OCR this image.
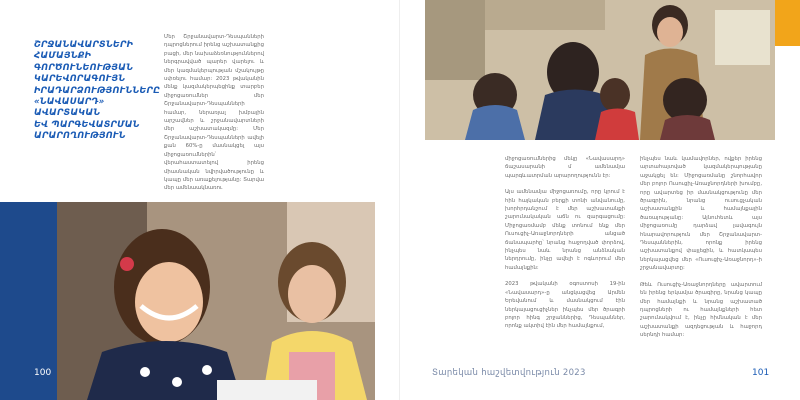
ՇՐՋԱՆԱՎԱՐՏՆԵՐԻ
ՀԱՄԱՅՆՔԻ
ԳՈՐԾՈՒՆԵՈՒԹՅԱՆ
ԿԱՐԵՎՈՐԱԳՈՒՅՆ
ԻՐԱԴԱՐՁՈՒԹՅՈՒՆՆԵՐԸ
«ՆԱՎԱՍԱՐԴ» ԱՎԱՐՏԱԿԱՆ
ԵՎ ՊԱՐԳԵՎԱՏՐՄԱՆ
ԱՐԱՐՈՂՈՒԹՅՈՒՆ

Մեր Շրջանավարտ-Դեսպանների դպրոցներում իրենց աշխատանքից բացի, մեր նախաձեռնություններով ներգրավված պարեր վարելու և մեր կազմակերպության մշակույթը սփռելու համար: 2023 թվականին մենք կազմակերպեցինք տարբեր միջոցառումներ մեր Շրջանավարտ-Դեսպանների համար, ներառյալ խմբային արշավներ և շրջանավարտների մեր աշխատակազմը: Մեր Շրջանավարտ-Դեսպանների ավելի քան 60%-ը մասնակցել այս միջոցառումներին՝ վերահաստատելով իրենց միասնական նվիրվածությունը և կապը մեր առաքելությանը: Տարվա մեր ամենաակնառու

100

միջոցառումներից մեկը «Նավասարդ» ճաշասարանի մ ամենամյա պարգևատրման արարողությունն էր:

Այս ամենամյա միջոցառումը, որը կրում է հին հայկական բերքի տոնի անվանումը, խորհրդանշում է մեր աշխատանքի շարունակական աճն ու զարգացումը: Միջոցառմամբ մենք տոնում ենք մեր Ուսուցիչ-Առաջնորդների անցած ճանապարհը՝ նրանց հաջողված փորձով, ինչպես նաև նրանց անձնական ներդրումը, ինչը ավելի է ոգևորում մեր համայնքին:

2023 թվականի օգոստոսի 19-ին «Նավասարդ»-ը անցկացվեց Արմեն Երեվանում և մասնակցում էին ներկայացուցիչներ ինչպես մեր ծրագրի բոլոր հինգ շրջաններից, Դեսպաններ, որոնք ակտիվ էին մեր համայնքում,

ինչպես նաև կամավորներ, ովքեր իրենց արտահայտված կազմակերպությանը աջակցել են: Միջոցառմանը շնորհավոր մեր բոլոր Ուսուցիչ-Առաջնորդների խումբը, որը ավարտեց իր մասնակցությունը մեր ծրագրին, նրանց ուսուցչական աշխատանքին և համայնքային ծառայությանը: Այնուհետև այս միջոցառումը դարձավ լավագույն հնարավորություն մեր Շրջանավարտ-Դեսպաններին, որոնք իրենց աշխատանքով փայլեցին, և հատկապես ներկայացվեց մեր «Ուսուցիչ-Առաջնորդ»-ի շրջանավարտը:

Թեև Ուսուցիչ-Առաջնորդները ավարտում են իրենց երկամյա ծրագիրը, նրանց կապը մեր համայնքի և նրանց աշխատած դպրոցների ու համայնքների հետ շարունակվում է, ինչը հիմնական է մեր աշխատանքի ազդեցության և հաջորդ սերնդի համար:

Տարեկան հաշվետվություն 2023	101
